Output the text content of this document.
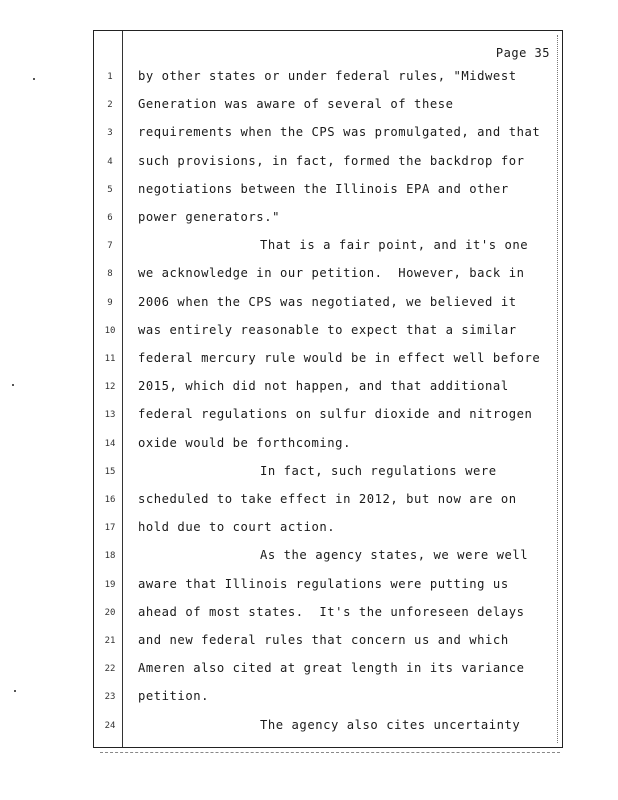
Page 35
1	by other states or under federal rules, "Midwest
2	Generation was aware of several of these
3	requirements when the CPS was promulgated, and that
4	such provisions, in fact, formed the backdrop for
5	negotiations between the Illinois EPA and other
6	power generators."
7	That is a fair point, and it's one
8	we acknowledge in our petition.  However, back in
9	2006 when the CPS was negotiated, we believed it
10	was entirely reasonable to expect that a similar
11	federal mercury rule would be in effect well before
12	2015, which did not happen, and that additional
13	federal regulations on sulfur dioxide and nitrogen
14	oxide would be forthcoming.
15	In fact, such regulations were
16	scheduled to take effect in 2012, but now are on
17	hold due to court action.
18	As the agency states, we were well
19	aware that Illinois regulations were putting us
20	ahead of most states.  It's the unforeseen delays
21	and new federal rules that concern us and which
22	Ameren also cited at great length in its variance
23	petition.
24	The agency also cites uncertainty
